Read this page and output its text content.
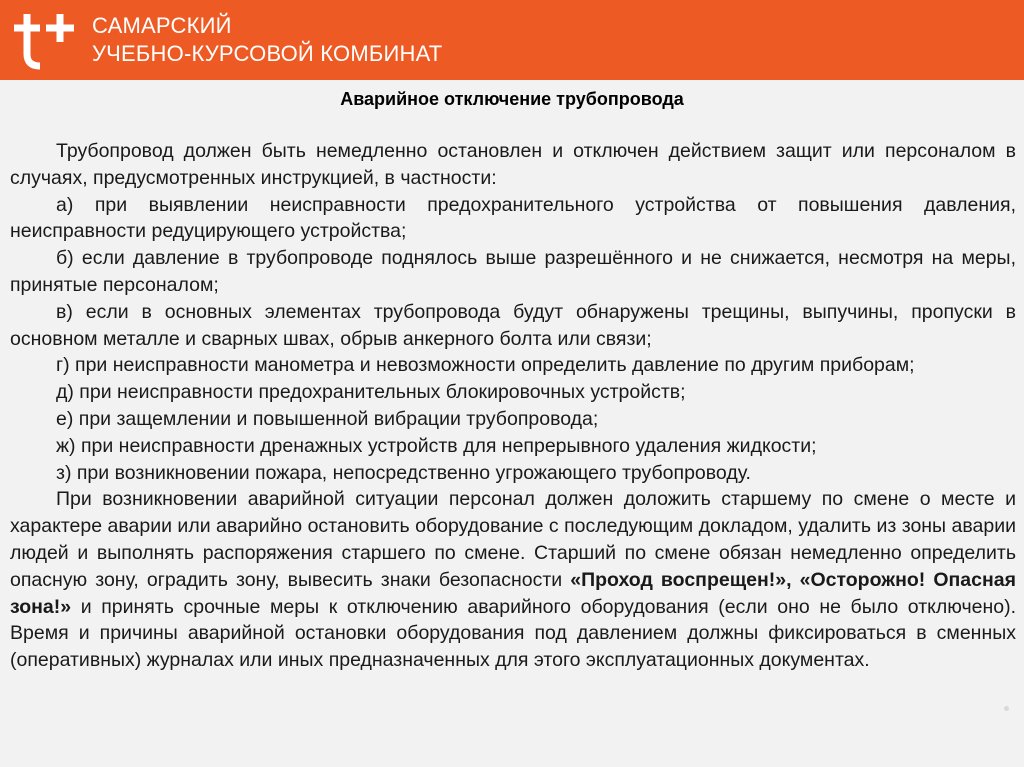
САМАРСКИЙ
УЧЕБНО-КУРСОВОЙ КОМБИНАТ
Аварийное отключение трубопровода

Трубопровод должен быть немедленно остановлен и отключен действием защит или персоналом в случаях, предусмотренных инструкцией, в частности:

а) при выявлении неисправности предохранительного устройства от повышения давления, неисправности редуцирующего устройства;

б) если давление в трубопроводе поднялось выше разрешённого и не снижается, несмотря на меры, принятые персоналом;

в) если в основных элементах трубопровода будут обнаружены трещины, выпучины, пропуски в основном металле и сварных швах, обрыв анкерного болта или связи;

г) при неисправности манометра и невозможности определить давление по другим приборам;

д) при неисправности предохранительных блокировочных устройств;

е) при защемлении и повышенной вибрации трубопровода;

ж) при неисправности дренажных устройств для непрерывного удаления жидкости;

з) при возникновении пожара, непосредственно угрожающего трубопроводу.

При возникновении аварийной ситуации персонал должен доложить старшему по смене о месте и характере аварии или аварийно остановить оборудование с последующим докладом, удалить из зоны аварии людей и выполнять распоряжения старшего по смене. Старший по смене обязан немедленно определить опасную зону, оградить зону, вывесить знаки безопасности «Проход воспрещен!», «Осторожно! Опасная зона!» и принять срочные меры к отключению аварийного оборудования (если оно не было отключено). Время и причины аварийной остановки оборудования под давлением должны фиксироваться в сменных (оперативных) журналах или иных предназначенных для этого эксплуатационных документах.
